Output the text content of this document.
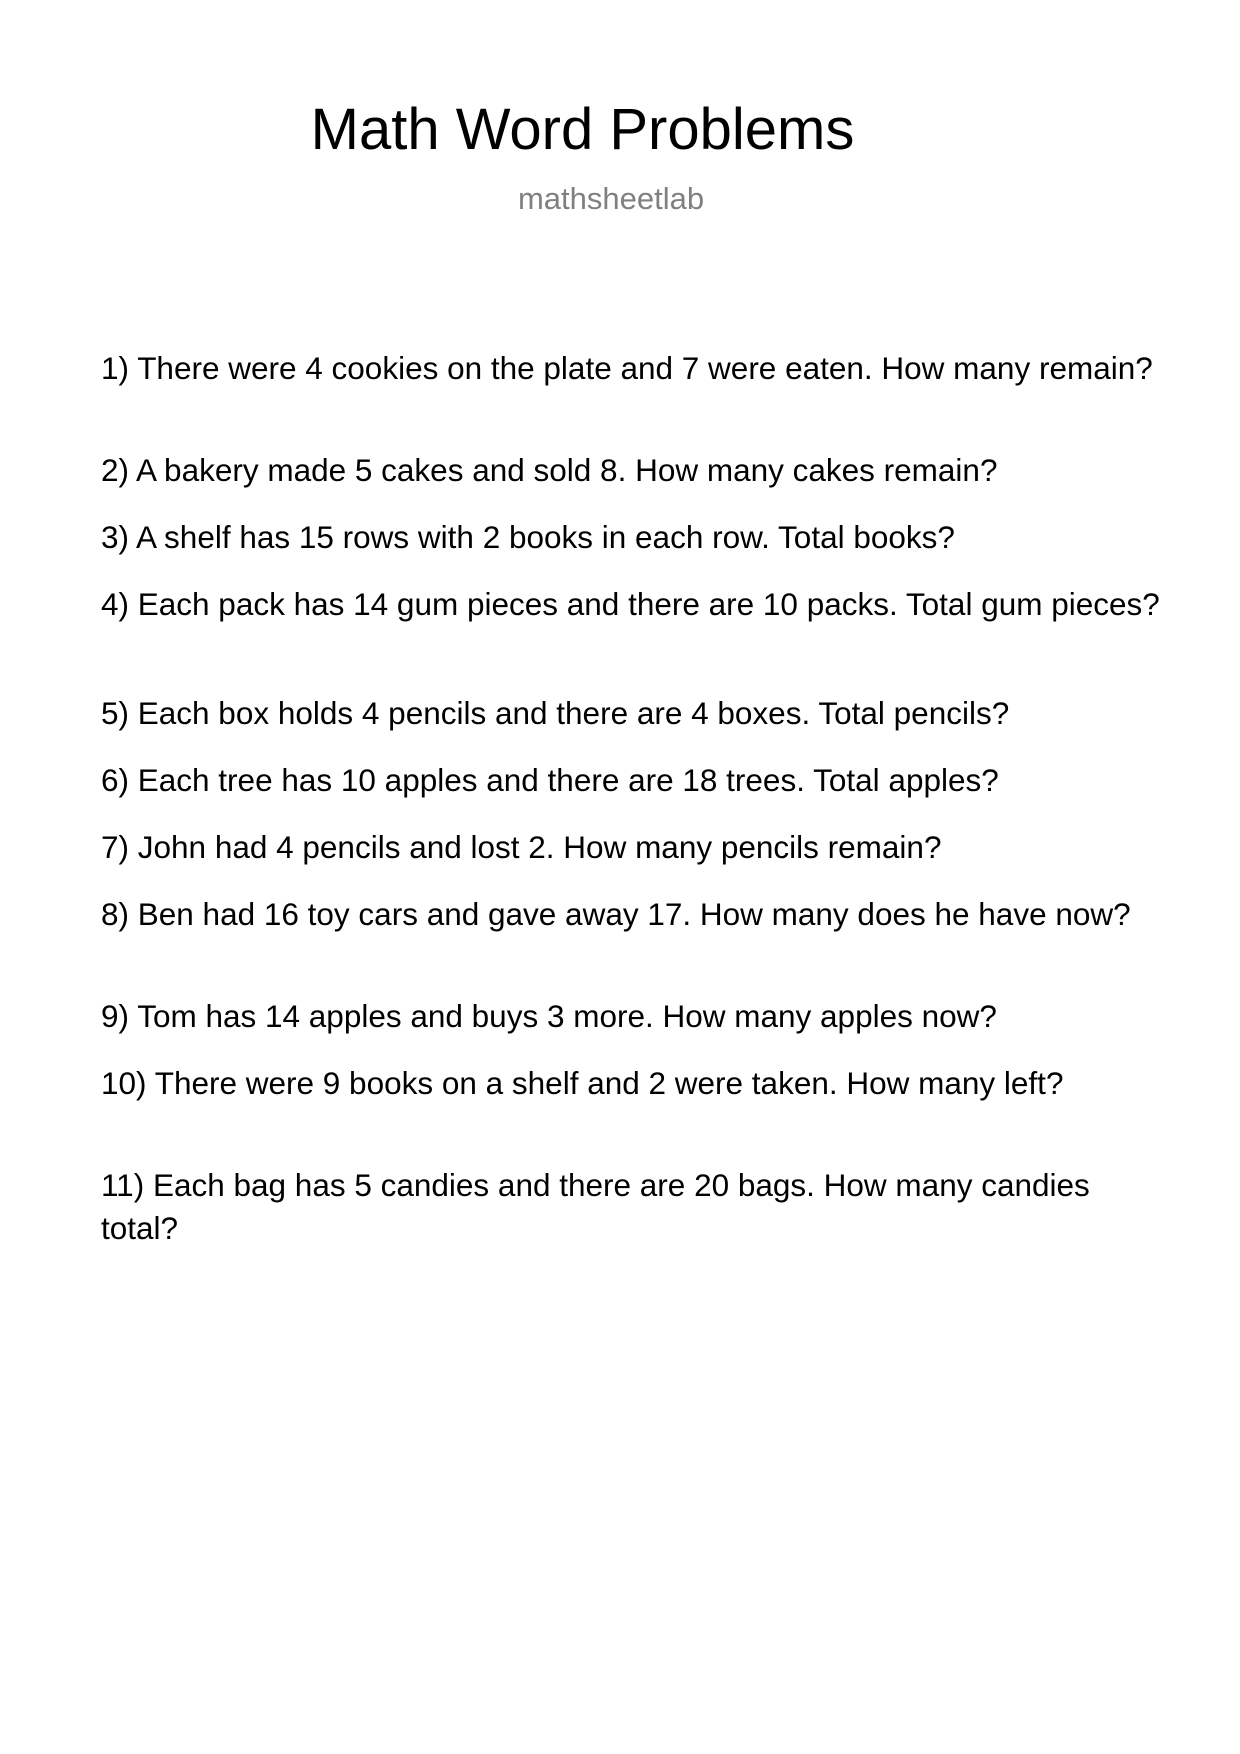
Math Word Problems
mathsheetlab

1) There were 4 cookies on the plate and 7 were eaten. How many remain?

2) A bakery made 5 cakes and sold 8. How many cakes remain?

3) A shelf has 15 rows with 2 books in each row. Total books?

4) Each pack has 14 gum pieces and there are 10 packs. Total gum pieces?

5) Each box holds 4 pencils and there are 4 boxes. Total pencils?

6) Each tree has 10 apples and there are 18 trees. Total apples?

7) John had 4 pencils and lost 2. How many pencils remain?

8) Ben had 16 toy cars and gave away 17. How many does he have now?

9) Tom has 14 apples and buys 3 more. How many apples now?

10) There were 9 books on a shelf and 2 were taken. How many left?

11) Each bag has 5 candies and there are 20 bags. How many candies total?
